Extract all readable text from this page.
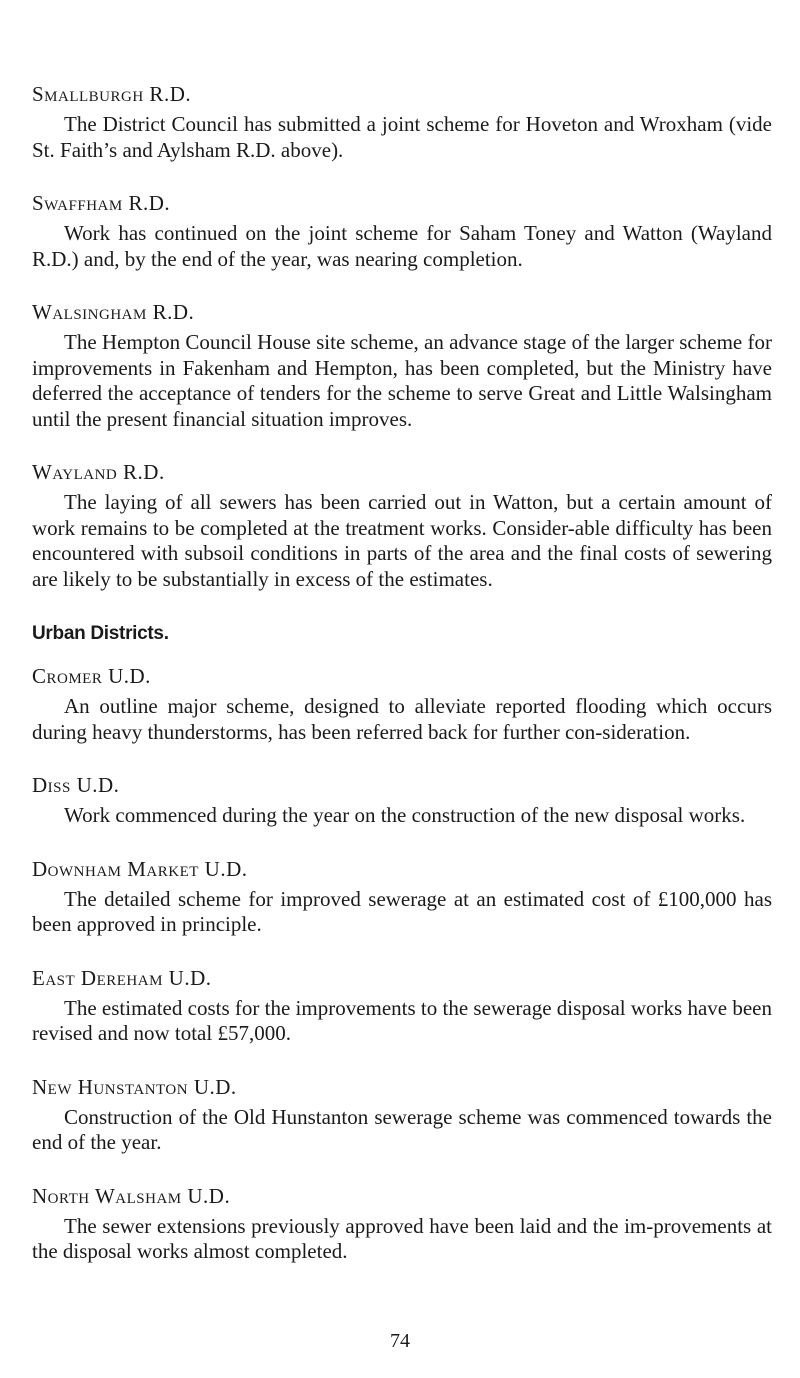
Smallburgh R.D.

The District Council has submitted a joint scheme for Hoveton and Wroxham (vide St. Faith’s and Aylsham R.D. above).

Swaffham R.D.

Work has continued on the joint scheme for Saham Toney and Watton (Wayland R.D.) and, by the end of the year, was nearing completion.

Walsingham R.D.

The Hempton Council House site scheme, an advance stage of the larger scheme for improvements in Fakenham and Hempton, has been completed, but the Ministry have deferred the acceptance of tenders for the scheme to serve Great and Little Walsingham until the present financial situation improves.

Wayland R.D.

The laying of all sewers has been carried out in Watton, but a certain amount of work remains to be completed at the treatment works. Consider-able difficulty has been encountered with subsoil conditions in parts of the area and the final costs of sewering are likely to be substantially in excess of the estimates.

Urban Districts.

Cromer U.D.

An outline major scheme, designed to alleviate reported flooding which occurs during heavy thunderstorms, has been referred back for further con-sideration.

Diss U.D.

Work commenced during the year on the construction of the new disposal works.

Downham Market U.D.

The detailed scheme for improved sewerage at an estimated cost of £100,000 has been approved in principle.

East Dereham U.D.

The estimated costs for the improvements to the sewerage disposal works have been revised and now total £57,000.

New Hunstanton U.D.

Construction of the Old Hunstanton sewerage scheme was commenced towards the end of the year.

North Walsham U.D.

The sewer extensions previously approved have been laid and the im-provements at the disposal works almost completed.

74
